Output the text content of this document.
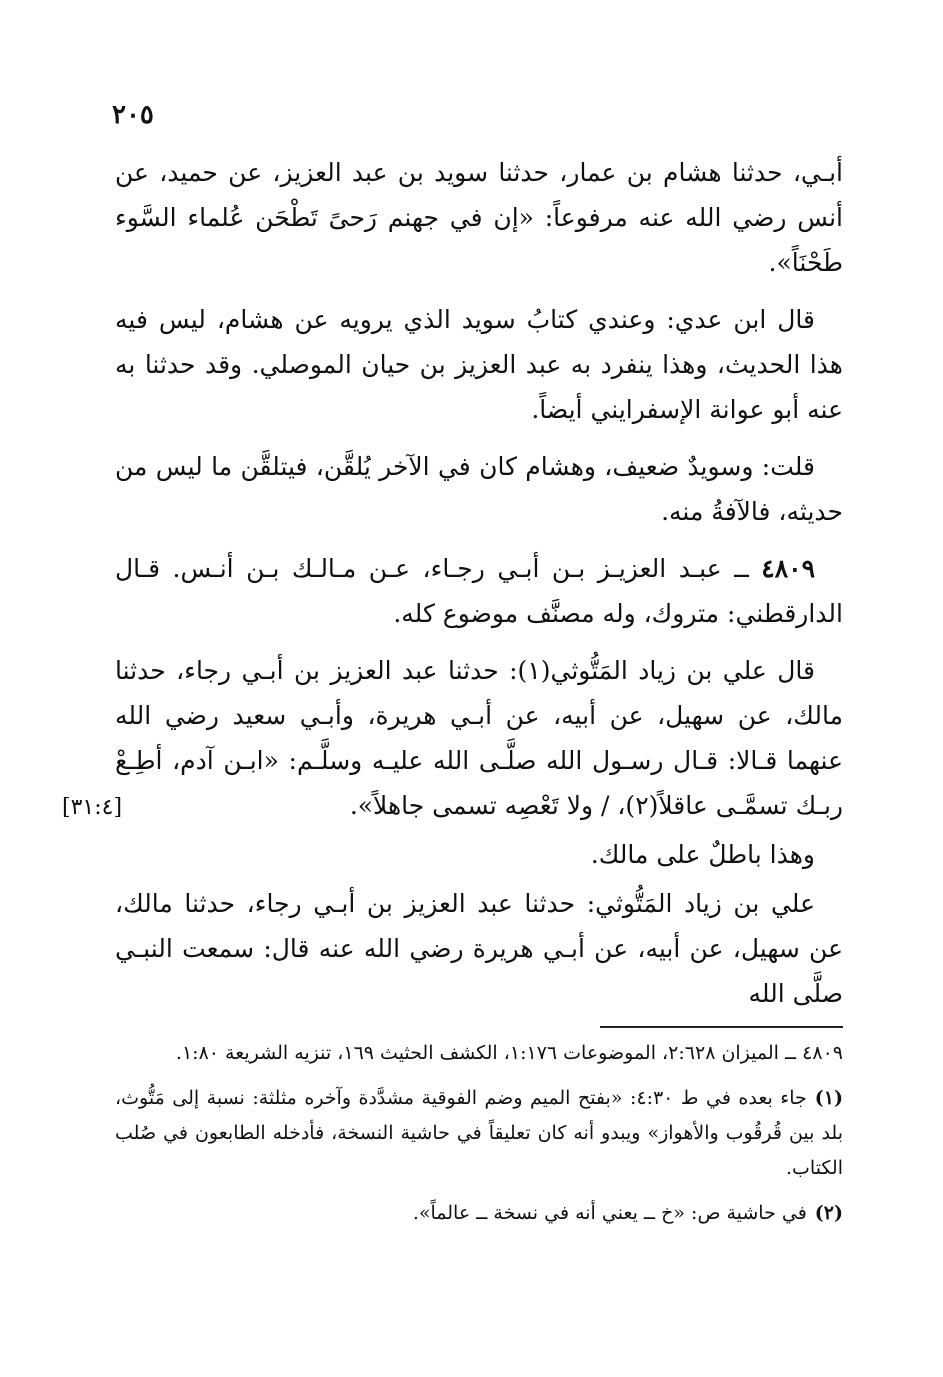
٢٠٥

أبـي، حدثنا هشام بن عمار، حدثنا سويد بن عبد العزيز، عن حميد، عن أنس رضي الله عنه مرفوعاً: «إن في جهنم رَحىً تَطْحَن عُلماء السَّوء طَحْنَاً».

قال ابن عدي: وعندي كتابُ سويد الذي يرويه عن هشام، ليس فيه هذا الحديث، وهذا ينفرد به عبد العزيز بن حيان الموصلي. وقد حدثنا به عنه أبو عوانة الإسفرايني أيضاً.

قلت: وسويدٌ ضعيف، وهشام كان في الآخر يُلقَّن، فيتلقَّن ما ليس من حديثه، فالآفةُ منه.

٤٨٠٩ ــ عبـد العزيـز بـن أبـي رجـاء، عـن مـالـك بـن أنـس. قـال الدارقطني: متروك، وله مصنَّف موضوع كله.

قال علي بن زياد المَتُّوثي(١): حدثنا عبد العزيز بن أبـي رجاء، حدثنا مالك، عن سهيل، عن أبيه، عن أبـي هريرة، وأبـي سعيد رضي الله عنهما قـالا: قـال رسـول الله صلَّـى الله عليـه وسلَّـم: «ابـن آدم، أطِـعْ ربـك تسمَّـى عاقلاً(٢)، / ولا تَعْصِه تسمى جاهلاً».

وهذا باطلٌ على مالك.

علي بن زياد المَتُّوثي: حدثنا عبد العزيز بن أبـي رجاء، حدثنا مالك، عن سهيل، عن أبيه، عن أبـي هريرة رضي الله عنه قال: سمعت النبـي صلَّى الله

[٣١:٤]

٤٨٠٩ ــ الميزان ٢:٦٢٨، الموضوعات ١:١٧٦، الكشف الحثيث ١٦٩، تنزيه الشريعة ١:٨٠.

(١)جاء بعده في ط ٤:٣٠: «بفتح الميم وضم الفوقية مشدَّدة وآخره مثلثة: نسبة إلى مَتُّوث، بلد بين قُرقُوب والأهواز» ويبدو أنه كان تعليقاً في حاشية النسخة، فأدخله الطابعون في صُلب الكتاب.

(٢)في حاشية ص: «خ ــ يعني أنه في نسخة ــ عالماً».
